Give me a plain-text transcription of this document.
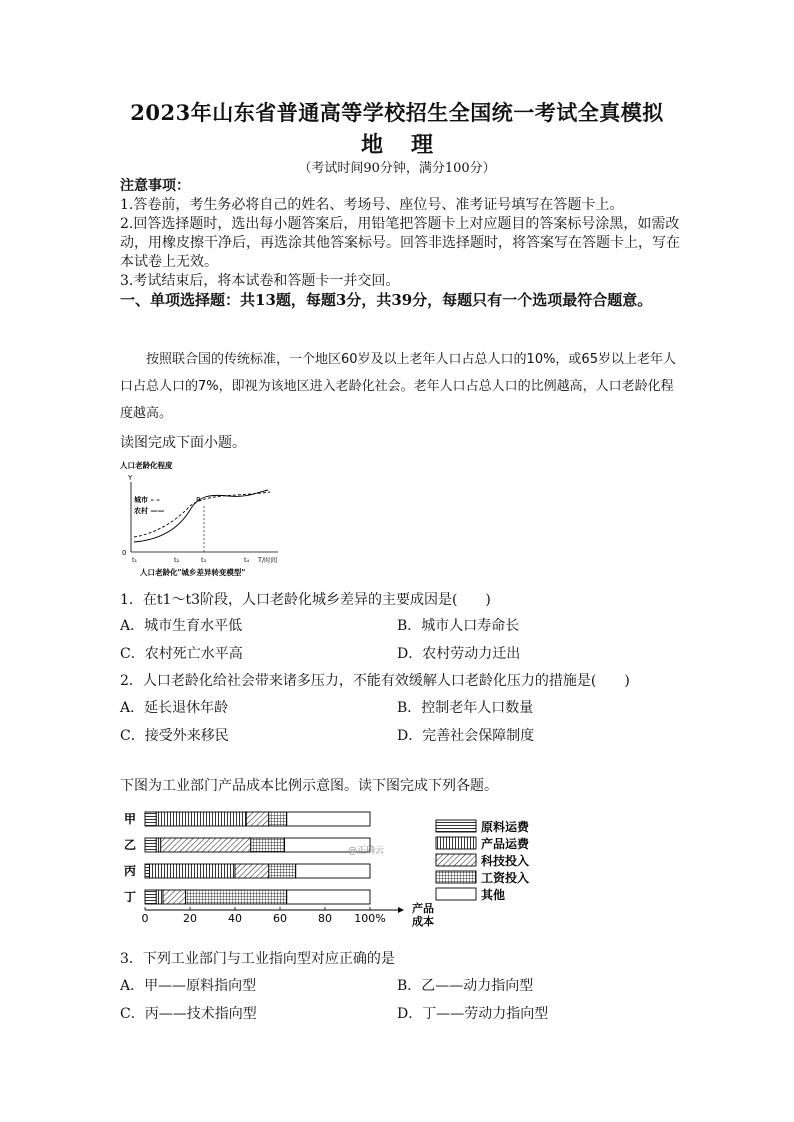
2023年山东省普通高等学校招生全国统一考试全真模拟
地理
（考试时间90分钟，满分100分）
注意事项：
1.答卷前，考生务必将自己的姓名、考场号、座位号、准考证号填写在答题卡上。
2.回答选择题时，选出每小题答案后，用铅笔把答题卡上对应题目的答案标号涂黑，如需改动，用橡皮擦干净后，再选涂其他答案标号。回答非选择题时，将答案写在答题卡上，写在本试卷上无效。
3.考试结束后，将本试卷和答题卡一并交回。
一、单项选择题：共13题，每题3分，共39分，每题只有一个选项最符合题意。
按照联合国的传统标准，一个地区60岁及以上老年人口占总人口的10%，或65岁以上老年人口占总人口的7%，即视为该地区进入老龄化社会。老年人口占总人口的比例越高，人口老龄化程度越高。
读图完成下面小题。
人口老龄化程度
Y
0
城市 – –
农村 ——
P
t₁	t₂	t₃	t₄ T/时间
人口老龄化"城乡差异转变模型"
1．在t1～t3阶段，人口老龄化城乡差异的主要成因是(　　)
A．城市生育水平低	B．城市人口寿命长
C．农村死亡水平高	D．农村劳动力迁出
2．人口老龄化给社会带来诸多压力，不能有效缓解人口老龄化压力的措施是(　　)
A．延长退休年龄	B．控制老年人口数量
C．接受外来移民	D．完善社会保障制度
下图为工业部门产品成本比例示意图。读下图完成下列各题。
甲
乙
丙
丁
0	20	40	60	80 100%
产品
成本
原料运费
产品运费
科技投入
工资投入
其他
@正确云
3．下列工业部门与工业指向型对应正确的是
A．甲——原料指向型	B．乙——动力指向型
C．丙——技术指向型	D．丁——劳动力指向型
